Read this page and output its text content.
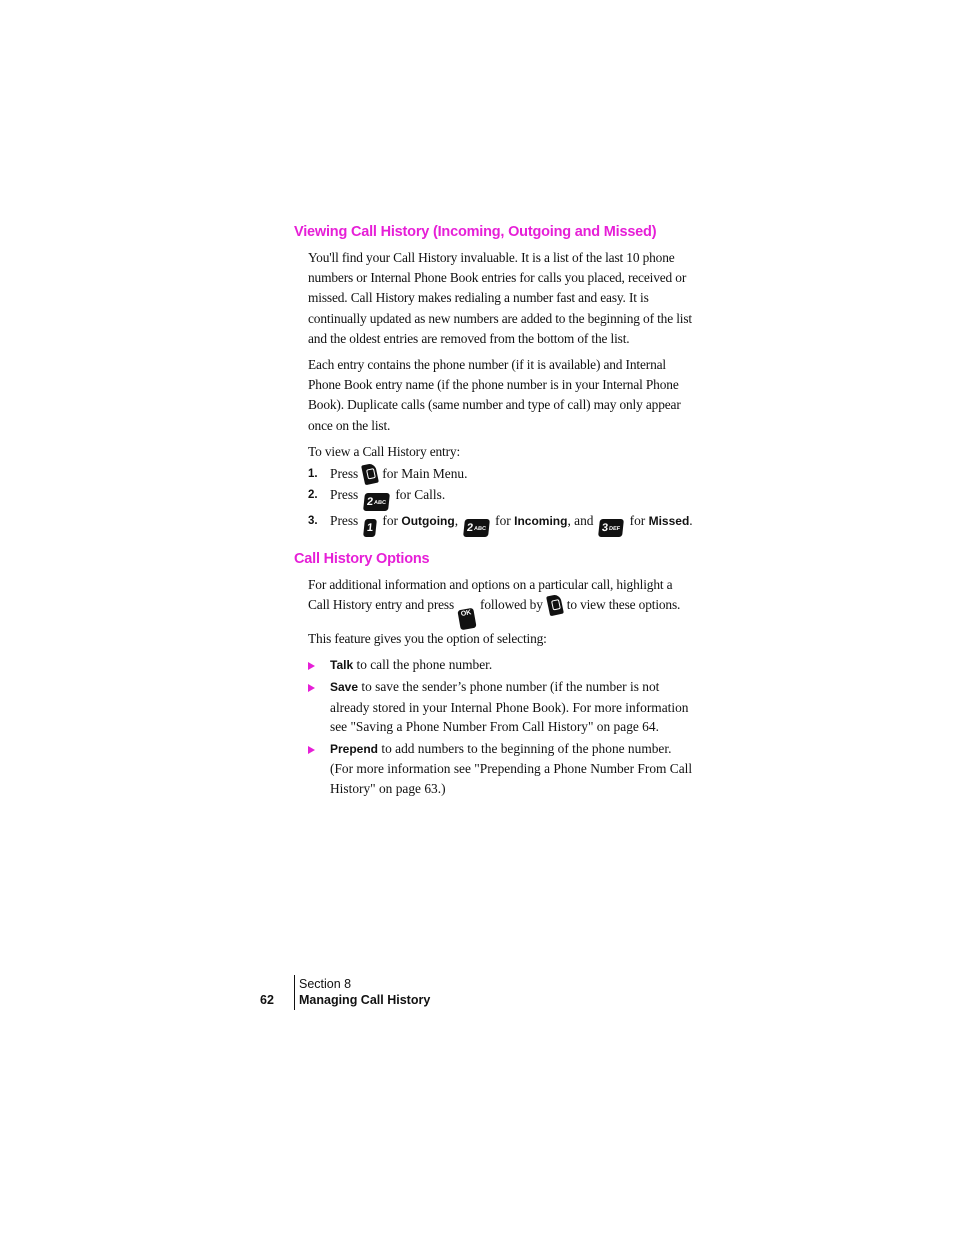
Viewing Call History (Incoming, Outgoing and Missed)

You'll find your Call History invaluable. It is a list of the last 10 phone numbers or Internal Phone Book entries for calls you placed, received or missed. Call History makes redialing a number fast and easy. It is continually updated as new numbers are added to the beginning of the list and the oldest entries are removed from the bottom of the list.

Each entry contains the phone number (if it is available) and Internal Phone Book entry name (if the phone number is in your Internal Phone Book). Duplicate calls (same number and type of call) may only appear once on the list.

To view a Call History entry:

1. Press for Main Menu.
2. Press 2ABCfor Calls.
3. Press 1 for Outgoing, 2ABCfor Incoming, and 3DEFfor Missed.
Call History Options

For additional information and options on a particular call, highlight a Call History entry and pressOKfollowed by to view these options. This feature gives you the option of selecting:

Talk to call the phone number.
Save to save the sender’s phone number (if the number is not already stored in your Internal Phone Book). For more information see "Saving a Phone Number From Call History" on page 64.
Prepend to add numbers to the beginning of the phone number. (For more information see "Prepending a Phone Number From Call History" on page 63.)
62
Section 8
Managing Call History
